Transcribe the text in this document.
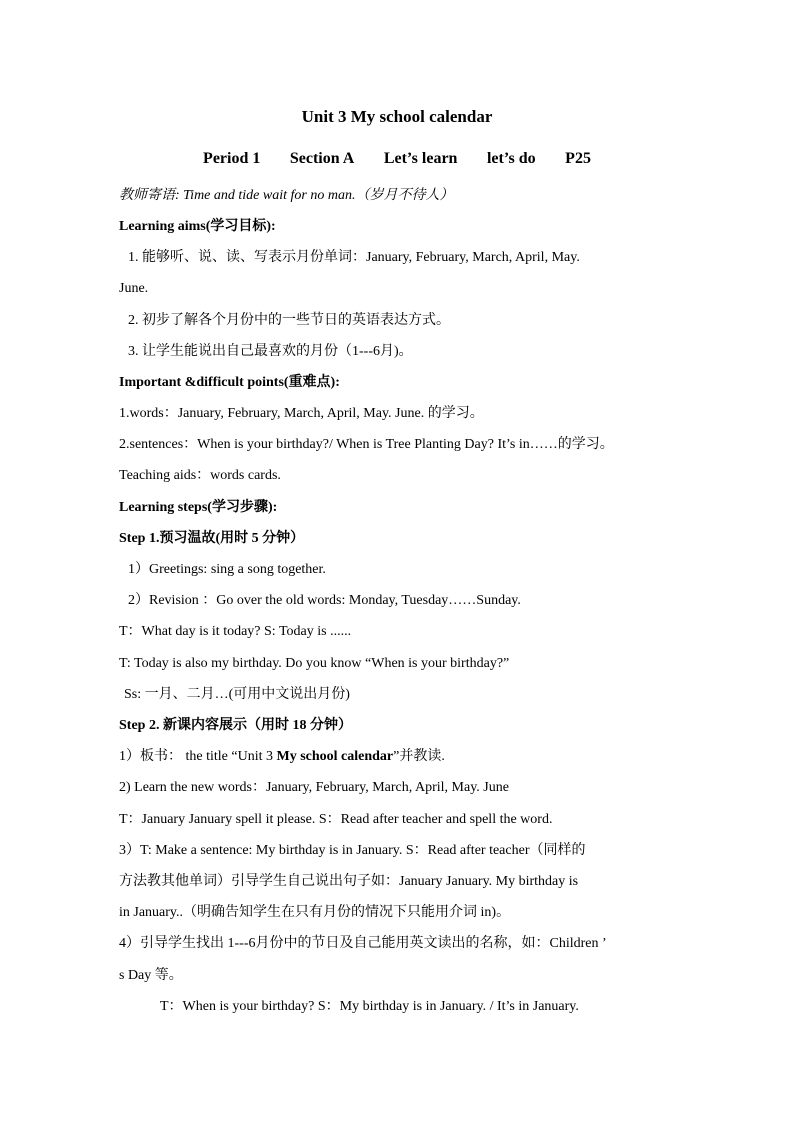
Unit 3 My school calendar
Period 1 Section A Let’s learn let’s do P25
教师寄语: Time and tide wait for no man.（岁月不待人）
Learning aims(学习目标):
1. 能够听、说、读、写表示月份单词：January, February, March, April, May.
June.
2. 初步了解各个月份中的一些节日的英语表达方式。
3. 让学生能说出自己最喜欢的月份（1---6月)。
Important &difficult points(重难点):
1.words：January, February, March, April, May. June. 的学习。
2.sentences：When is your birthday?/ When is Tree Planting Day? It’s in……的学习。
Teaching aids：words cards.
Learning steps(学习步骤):
Step 1.预习温故(用时 5 分钟）
1）Greetings: sing a song together.
2）Revision ：Go over the old words: Monday, Tuesday……Sunday.
T：What day is it today? S: Today is ......
T: Today is also my birthday. Do you know “When is your birthday?”
Ss: 一月、二月…(可用中文说出月份)
Step 2. 新课内容展示（用时 18 分钟）
1）板书： the title “Unit 3 My school calendar”并教读.
2) Learn the new words：January, February, March, April, May. June
T：January January spell it please. S：Read after teacher and spell the word.
3）T: Make a sentence: My birthday is in January. S：Read after teacher（同样的
方法教其他单词）引导学生自己说出句子如：January January. My birthday is
in January..（明确告知学生在只有月份的情况下只能用介词 in)。
4）引导学生找出 1---6月份中的节日及自己能用英文读出的名称，如：Children ’
s Day 等。
T：When is your birthday? S：My birthday is in January. / It’s in January.
